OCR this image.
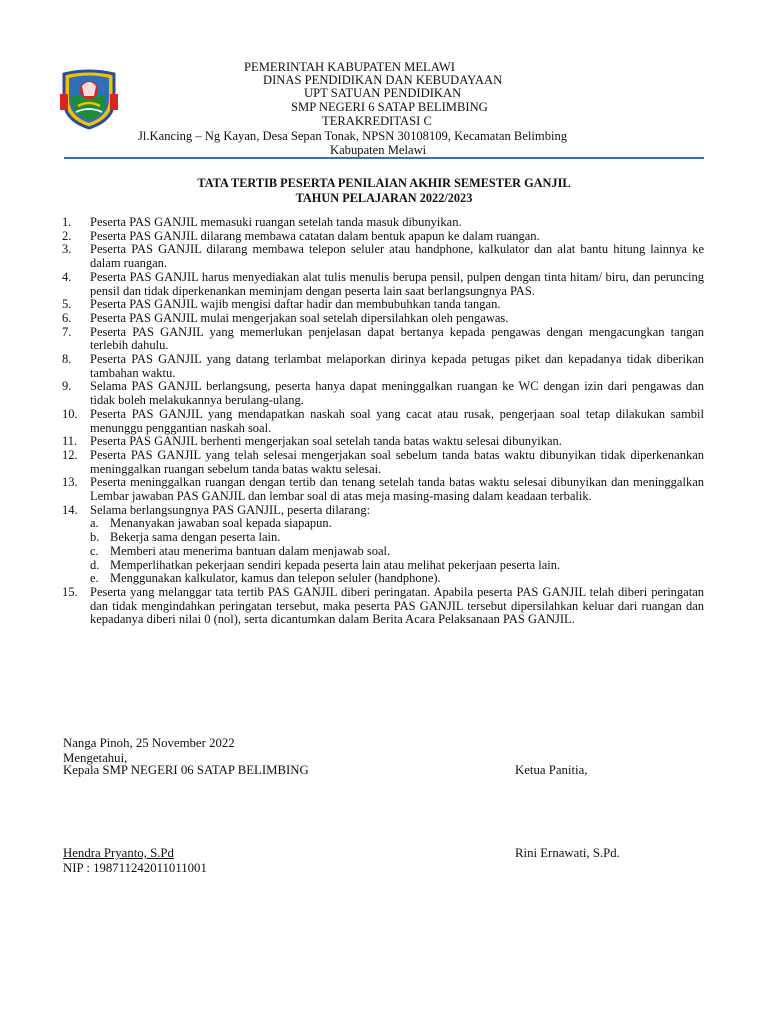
PEMERINTAH KABUPATEN MELAWI
DINAS PENDIDIKAN DAN KEBUDAYAAN
UPT SATUAN PENDIDIKAN
SMP NEGERI 6 SATAP BELIMBING
TERAKREDITASI C
Jl.Kancing – Ng Kayan, Desa Sepan Tonak, NPSN 30108109, Kecamatan Belimbing
Kabupaten Melawi
TATA TERTIB PESERTA PENILAIAN AKHIR SEMESTER GANJIL
TAHUN PELAJARAN 2022/2023
1. Peserta PAS GANJIL memasuki ruangan setelah tanda masuk dibunyikan.
2. Peserta PAS GANJIL dilarang membawa catatan dalam bentuk apapun ke dalam ruangan.
3. Peserta PAS GANJIL dilarang membawa telepon seluler atau handphone, kalkulator dan alat bantu hitung lainnya ke dalam ruangan.
4. Peserta PAS GANJIL harus menyediakan alat tulis menulis berupa pensil, pulpen dengan tinta hitam/ biru, dan peruncing pensil dan tidak diperkenankan meminjam dengan peserta lain saat berlangsungnya PAS.
5. Peserta PAS GANJIL wajib mengisi daftar hadir dan membubuhkan tanda tangan.
6. Peserta PAS GANJIL mulai mengerjakan soal setelah dipersilahkan oleh pengawas.
7. Peserta PAS GANJIL yang memerlukan penjelasan dapat bertanya kepada pengawas dengan mengacungkan tangan terlebih dahulu.
8. Peserta PAS GANJIL yang datang terlambat melaporkan dirinya kepada petugas piket dan kepadanya tidak diberikan tambahan waktu.
9. Selama PAS GANJIL berlangsung, peserta hanya dapat meninggalkan ruangan ke WC dengan izin dari pengawas dan tidak boleh melakukannya berulang-ulang.
10. Peserta PAS GANJIL yang mendapatkan naskah soal yang cacat atau rusak, pengerjaan soal tetap dilakukan sambil menunggu penggantian naskah soal.
11. Peserta PAS GANJIL berhenti mengerjakan soal setelah tanda batas waktu selesai dibunyikan.
12. Peserta PAS GANJIL yang telah selesai mengerjakan soal sebelum tanda batas waktu dibunyikan tidak diperkenankan meninggalkan ruangan sebelum tanda batas waktu selesai.
13. Peserta meninggalkan ruangan dengan tertib dan tenang setelah tanda batas waktu selesai dibunyikan dan meninggalkan Lembar jawaban PAS GANJIL dan lembar soal di atas meja masing-masing dalam keadaan terbalik.
14. Selama berlangsungnya PAS GANJIL, peserta dilarang:
a. Menanyakan jawaban soal kepada siapapun.
b. Bekerja sama dengan peserta lain.
c. Memberi atau menerima bantuan dalam menjawab soal.
d. Memperlihatkan pekerjaan sendiri kepada peserta lain atau melihat pekerjaan peserta lain.
e. Menggunakan kalkulator, kamus dan telepon seluler (handphone).
15. Peserta yang melanggar tata tertib PAS GANJIL diberi peringatan. Apabila peserta PAS GANJIL telah diberi peringatan dan tidak mengindahkan peringatan tersebut, maka peserta PAS GANJIL tersebut dipersilahkan keluar dari ruangan dan kepadanya diberi nilai 0 (nol), serta dicantumkan dalam Berita Acara Pelaksanaan PAS GANJIL.
Nanga Pinoh, 25 November 2022
Mengetahui,
Kepala SMP NEGERI 06 SATAP BELIMBING	Ketua Panitia,
Hendra Pryanto, S.Pd	Rini Ernawati, S.Pd.
NIP : 198711242011011001
